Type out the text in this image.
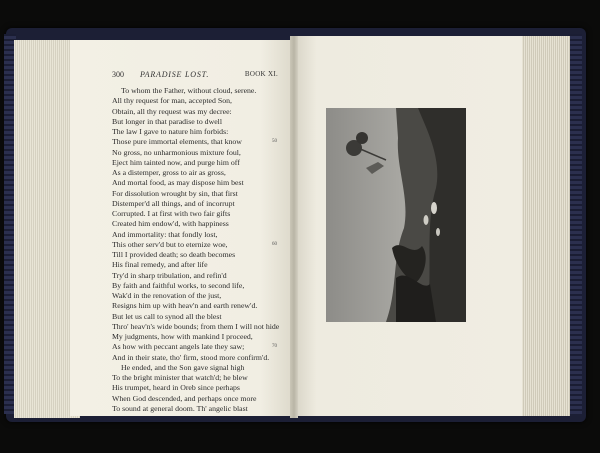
300 PARADISE LOST.	BOOK XI.
To whom the Father, without cloud, serene.
All thy request for man, accepted Son,
Obtain, all thy request was my decree:
But longer in that paradise to dwell
The law I gave to nature him forbids:
Those pure immortal elements, that know
No gross, no unharmonious mixture foul,
Eject him tainted now, and purge him off
As a distemper, gross to air as gross,
And mortal food, as may dispose him best
For dissolution wrought by sin, that first
Distemper'd all things, and of incorrupt
Corrupted. I at first with two fair gifts
Created him endow'd, with happiness
And immortality: that fondly lost,
This other serv'd but to eternize woe,
Till I provided death; so death becomes
His final remedy, and after life
Try'd in sharp tribulation, and refin'd
By faith and faithful works, to second life,
Wak'd in the renovation of the just,
Resigns him up with heav'n and earth renew'd.
But let us call to synod all the blest
Thro' heav'n's wide bounds; from them I will not hide
My judgments, how with mankind I proceed,
As how with peccant angels late they saw;
And in their state, tho' firm, stood more confirm'd.
He ended, and the Son gave signal high
To the bright minister that watch'd; he blew
His trumpet, heard in Oreb since perhaps
When God descended, and perhaps once more
To sound at general doom. Th' angelic blast
50
60
70
